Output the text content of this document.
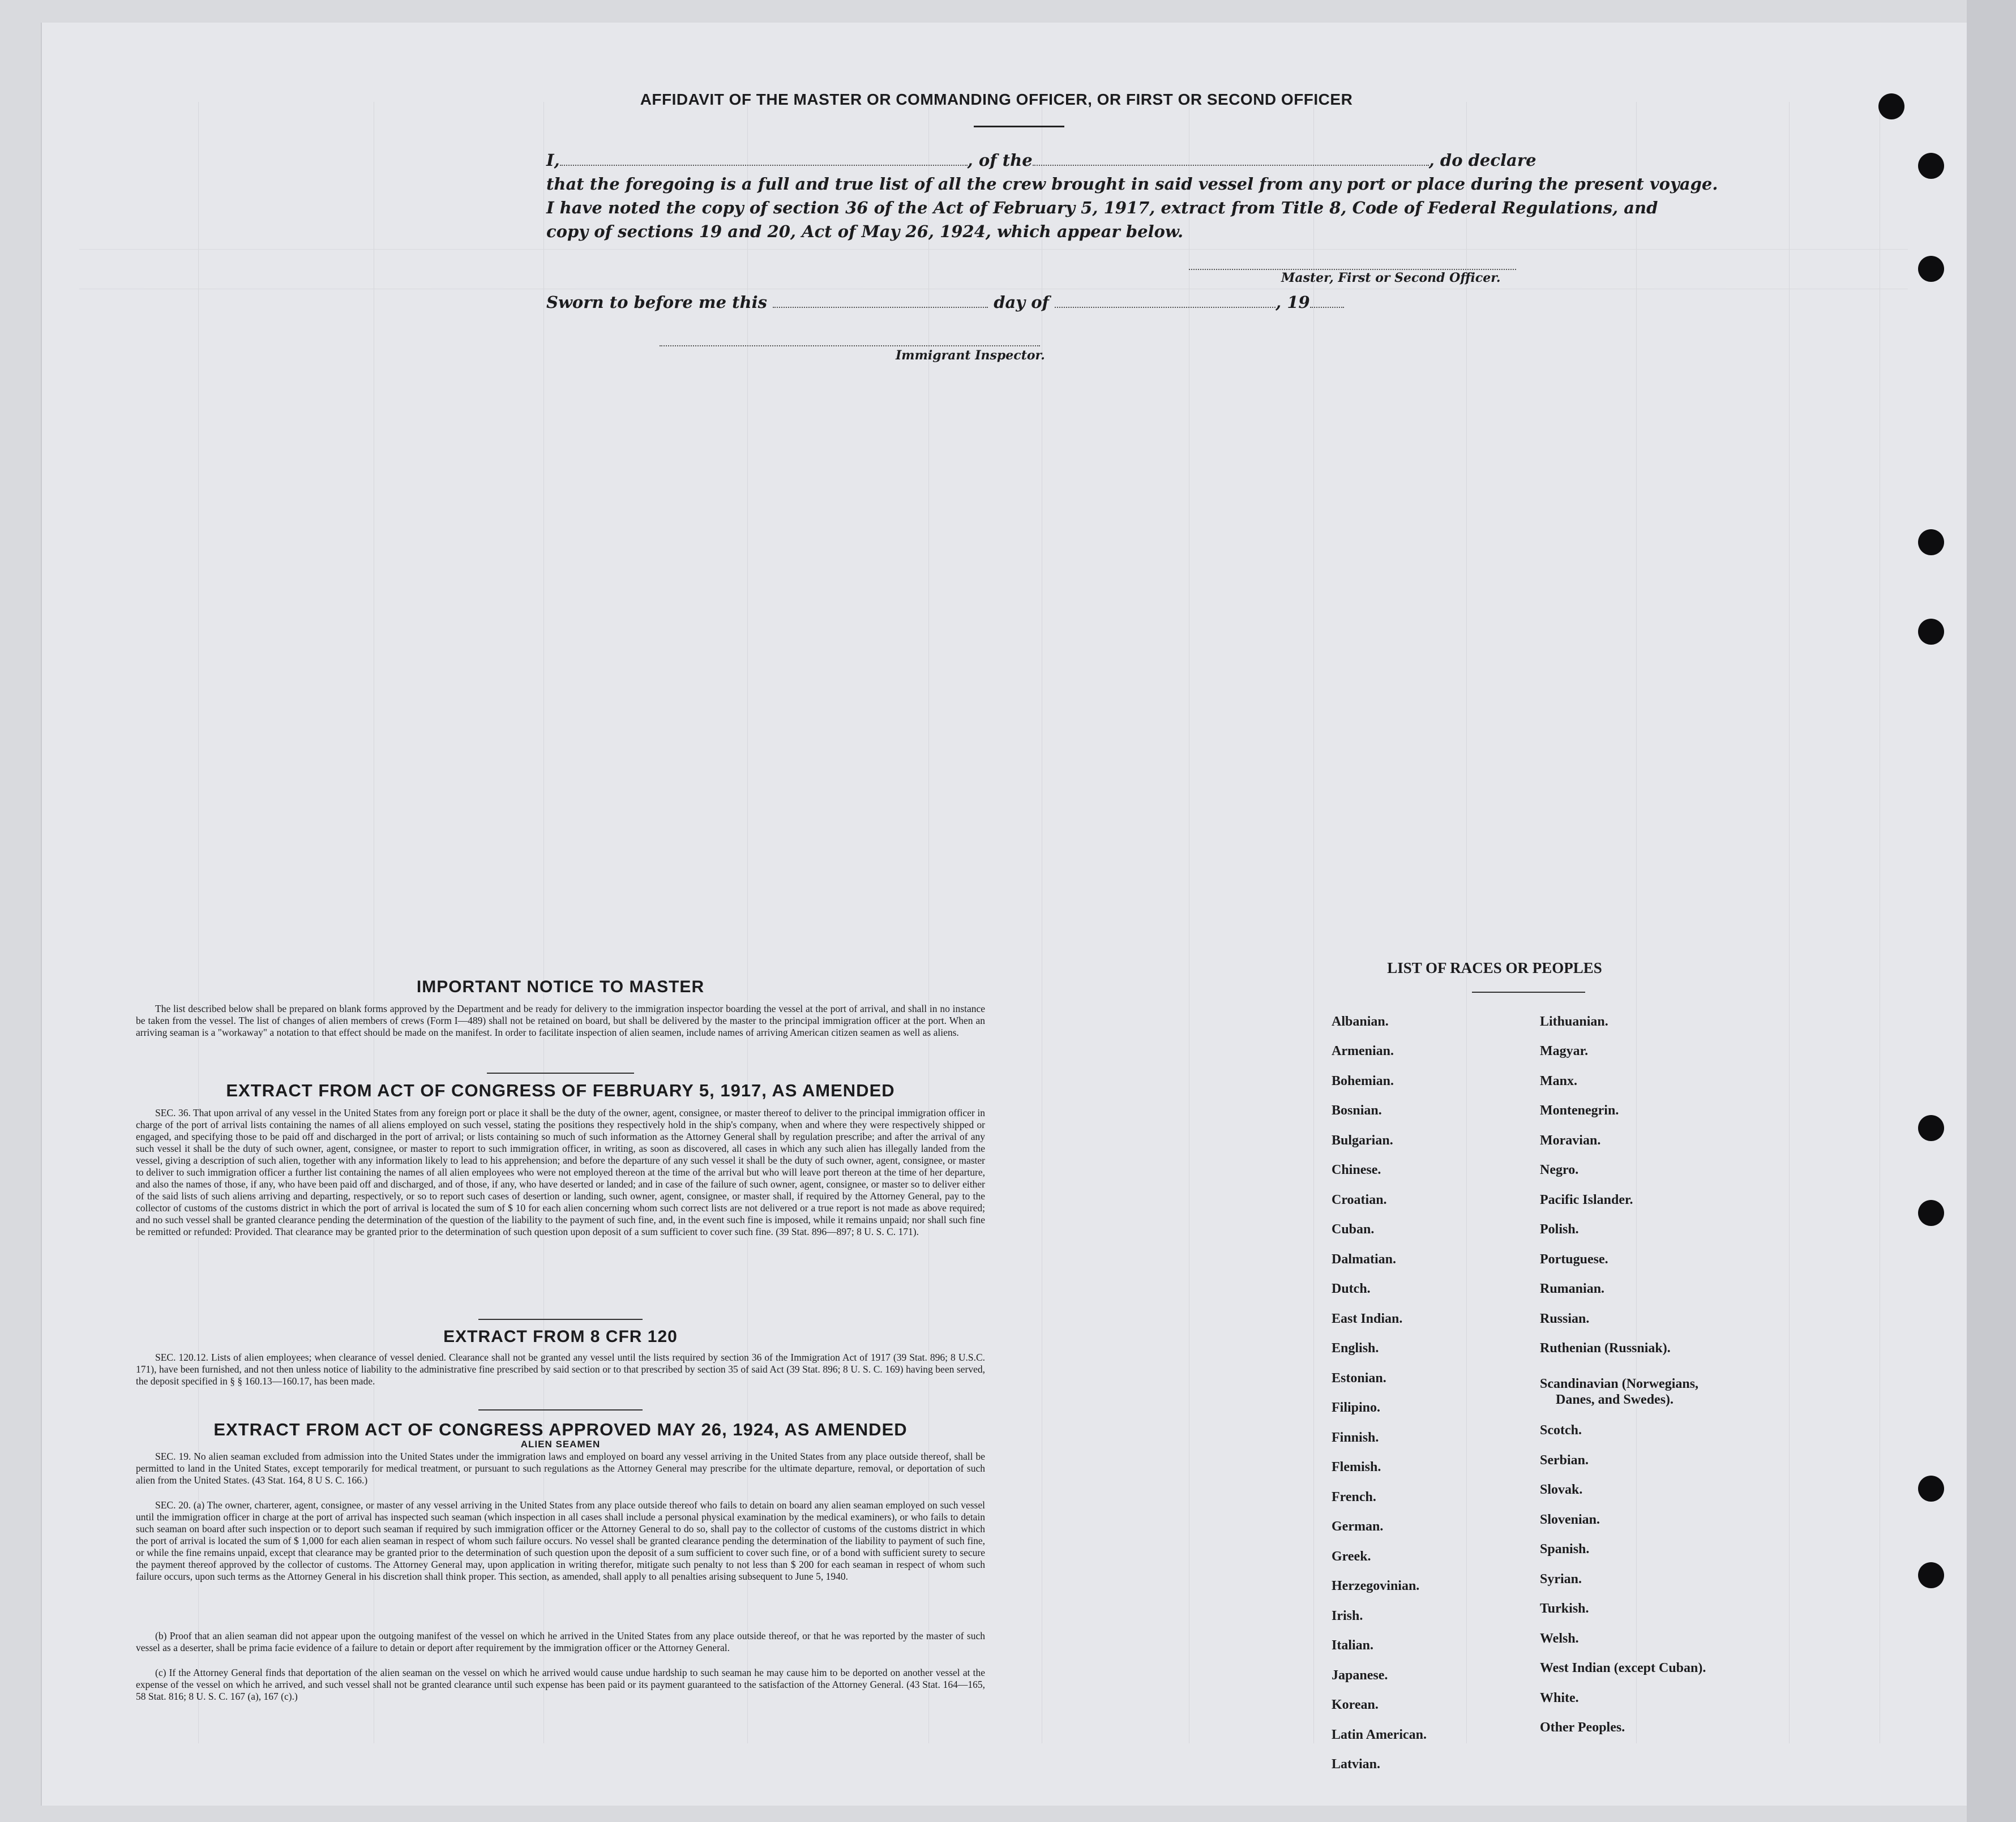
AFFIDAVIT OF THE MASTER OR COMMANDING OFFICER, OR FIRST OR SECOND OFFICER
I,	, of the	, do declare
that the foregoing is a full and true list of all the crew brought in said vessel from any port or place during the present voyage.
I have noted the copy of section 36 of the Act of February 5, 1917, extract from Title 8, Code of Federal Regulations, and
copy of sections 19 and 20, Act of May 26, 1924, which appear below.
Master, First or Second Officer.
Sworn to before me this	day of	, 19
Immigrant Inspector.
IMPORTANT NOTICE TO MASTER
The list described below shall be prepared on blank forms approved by the Department and be ready for delivery to the immigration inspector boarding the vessel at the port of arrival, and shall in no instance be taken from the vessel. The list of changes of alien members of crews (Form I—489) shall not be retained on board, but shall be delivered by the master to the principal immigration officer at the port. When an arriving seaman is a "workaway" a notation to that effect should be made on the manifest. In order to facilitate inspection of alien seamen, include names of arriving American citizen seamen as well as aliens.
EXTRACT FROM ACT OF CONGRESS OF FEBRUARY 5, 1917, AS AMENDED
SEC. 36. That upon arrival of any vessel in the United States from any foreign port or place it shall be the duty of the owner, agent, consignee, or master thereof to deliver to the principal immigration officer in charge of the port of arrival lists containing the names of all aliens employed on such vessel, stating the positions they respectively hold in the ship's company, when and where they were respectively shipped or engaged, and specifying those to be paid off and discharged in the port of arrival; or lists containing so much of such information as the Attorney General shall by regulation prescribe; and after the arrival of any such vessel it shall be the duty of such owner, agent, consignee, or master to report to such immigration officer, in writing, as soon as discovered, all cases in which any such alien has illegally landed from the vessel, giving a description of such alien, together with any information likely to lead to his apprehension; and before the departure of any such vessel it shall be the duty of such owner, agent, consignee, or master to deliver to such immigration officer a further list containing the names of all alien employees who were not employed thereon at the time of the arrival but who will leave port thereon at the time of her departure, and also the names of those, if any, who have been paid off and discharged, and of those, if any, who have deserted or landed; and in case of the failure of such owner, agent, consignee, or master so to deliver either of the said lists of such aliens arriving and departing, respectively, or so to report such cases of desertion or landing, such owner, agent, consignee, or master shall, if required by the Attorney General, pay to the collector of customs of the customs district in which the port of arrival is located the sum of $ 10 for each alien concerning whom such correct lists are not delivered or a true report is not made as above required; and no such vessel shall be granted clearance pending the determination of the question of the liability to the payment of such fine, and, in the event such fine is imposed, while it remains unpaid; nor shall such fine be remitted or refunded: Provided. That clearance may be granted prior to the determination of such question upon deposit of a sum sufficient to cover such fine. (39 Stat. 896—897; 8 U. S. C. 171).
EXTRACT FROM 8 CFR 120
SEC. 120.12. Lists of alien employees; when clearance of vessel denied. Clearance shall not be granted any vessel until the lists required by section 36 of the Immigration Act of 1917 (39 Stat. 896; 8 U.S.C. 171), have been furnished, and not then unless notice of liability to the administrative fine prescribed by said section or to that prescribed by section 35 of said Act (39 Stat. 896; 8 U. S. C. 169) having been served, the deposit specified in § § 160.13—160.17, has been made.
EXTRACT FROM ACT OF CONGRESS APPROVED MAY 26, 1924, AS AMENDED
ALIEN SEAMEN
SEC. 19. No alien seaman excluded from admission into the United States under the immigration laws and employed on board any vessel arriving in the United States from any place outside thereof, shall be permitted to land in the United States, except temporarily for medical treatment, or pursuant to such regulations as the Attorney General may prescribe for the ultimate departure, removal, or deportation of such alien from the United States. (43 Stat. 164, 8 U S. C. 166.)
SEC. 20. (a) The owner, charterer, agent, consignee, or master of any vessel arriving in the United States from any place outside thereof who fails to detain on board any alien seaman employed on such vessel until the immigration officer in charge at the port of arrival has inspected such seaman (which inspection in all cases shall include a personal physical examination by the medical examiners), or who fails to detain such seaman on board after such inspection or to deport such seaman if required by such immigration officer or the Attorney General to do so, shall pay to the collector of customs of the customs district in which the port of arrival is located the sum of $ 1,000 for each alien seaman in respect of whom such failure occurs. No vessel shall be granted clearance pending the determination of the liability to payment of such fine, or while the fine remains unpaid, except that clearance may be granted prior to the determination of such question upon the deposit of a sum sufficient to cover such fine, or of a bond with sufficient surety to secure the payment thereof approved by the collector of customs. The Attorney General may, upon application in writing therefor, mitigate such penalty to not less than $ 200 for each seaman in respect of whom such failure occurs, upon such terms as the Attorney General in his discretion shall think proper. This section, as amended, shall apply to all penalties arising subsequent to June 5, 1940.
(b) Proof that an alien seaman did not appear upon the outgoing manifest of the vessel on which he arrived in the United States from any place outside thereof, or that he was reported by the master of such vessel as a deserter, shall be prima facie evidence of a failure to detain or deport after requirement by the immigration officer or the Attorney General.
(c) If the Attorney General finds that deportation of the alien seaman on the vessel on which he arrived would cause undue hardship to such seaman he may cause him to be deported on another vessel at the expense of the vessel on which he arrived, and such vessel shall not be granted clearance until such expense has been paid or its payment guaranteed to the satisfaction of the Attorney General. (43 Stat. 164—165, 58 Stat. 816; 8 U. S. C. 167 (a), 167 (c).)
LIST OF RACES OR PEOPLES
Albanian.
Armenian.
Bohemian.
Bosnian.
Bulgarian.
Chinese.
Croatian.
Cuban.
Dalmatian.
Dutch.
East Indian.
English.
Estonian.
Filipino.
Finnish.
Flemish.
French.
German.
Greek.
Herzegovinian.
Irish.
Italian.
Japanese.
Korean.
Latin American.
Latvian.
Lithuanian.
Magyar.
Manx.
Montenegrin.
Moravian.
Negro.
Pacific Islander.
Polish.
Portuguese.
Rumanian.
Russian.
Ruthenian (Russniak).
Scandinavian (Norwegians,
Danes, and Swedes).
Scotch.
Serbian.
Slovak.
Slovenian.
Spanish.
Syrian.
Turkish.
Welsh.
West Indian (except Cuban).
White.
Other Peoples.
